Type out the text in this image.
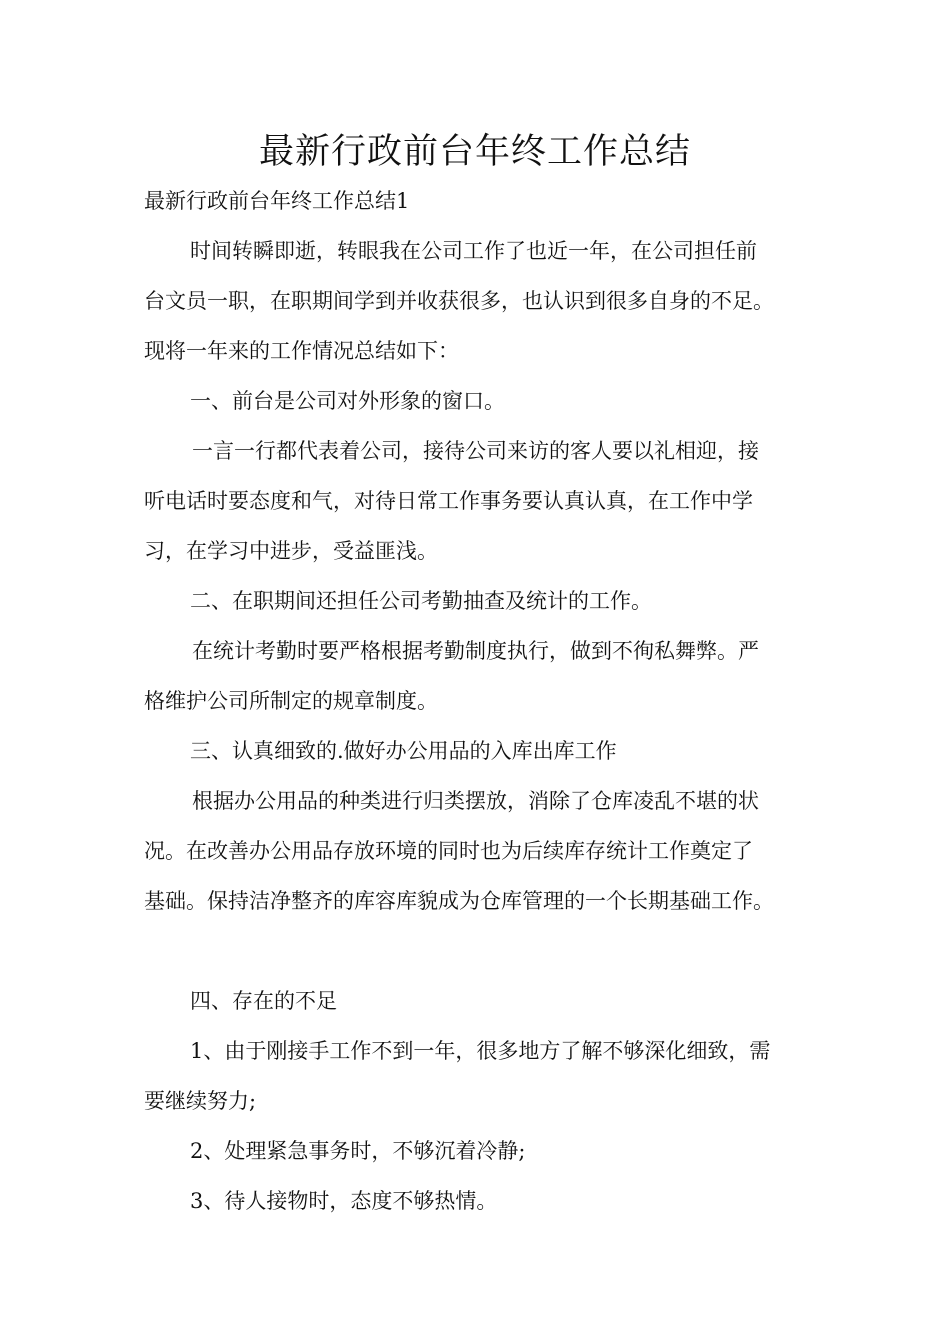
最新行政前台年终工作总结

最新行政前台年终工作总结1

时间转瞬即逝，转眼我在公司工作了也近一年，在公司担任前

台文员一职，在职期间学到并收获很多，也认识到很多自身的不足。

现将一年来的工作情况总结如下：

一、前台是公司对外形象的窗口。

一言一行都代表着公司，接待公司来访的客人要以礼相迎，接

听电话时要态度和气，对待日常工作事务要认真认真，在工作中学

习，在学习中进步，受益匪浅。

二、在职期间还担任公司考勤抽查及统计的工作。

在统计考勤时要严格根据考勤制度执行，做到不徇私舞弊。严

格维护公司所制定的规章制度。

三、认真细致的.做好办公用品的入库出库工作

根据办公用品的种类进行归类摆放，消除了仓库凌乱不堪的状

况。在改善办公用品存放环境的同时也为后续库存统计工作奠定了

基础。保持洁净整齐的库容库貌成为仓库管理的一个长期基础工作。

四、存在的不足

1、由于刚接手工作不到一年，很多地方了解不够深化细致，需

要继续努力;

2、处理紧急事务时，不够沉着冷静;

3、待人接物时，态度不够热情。
